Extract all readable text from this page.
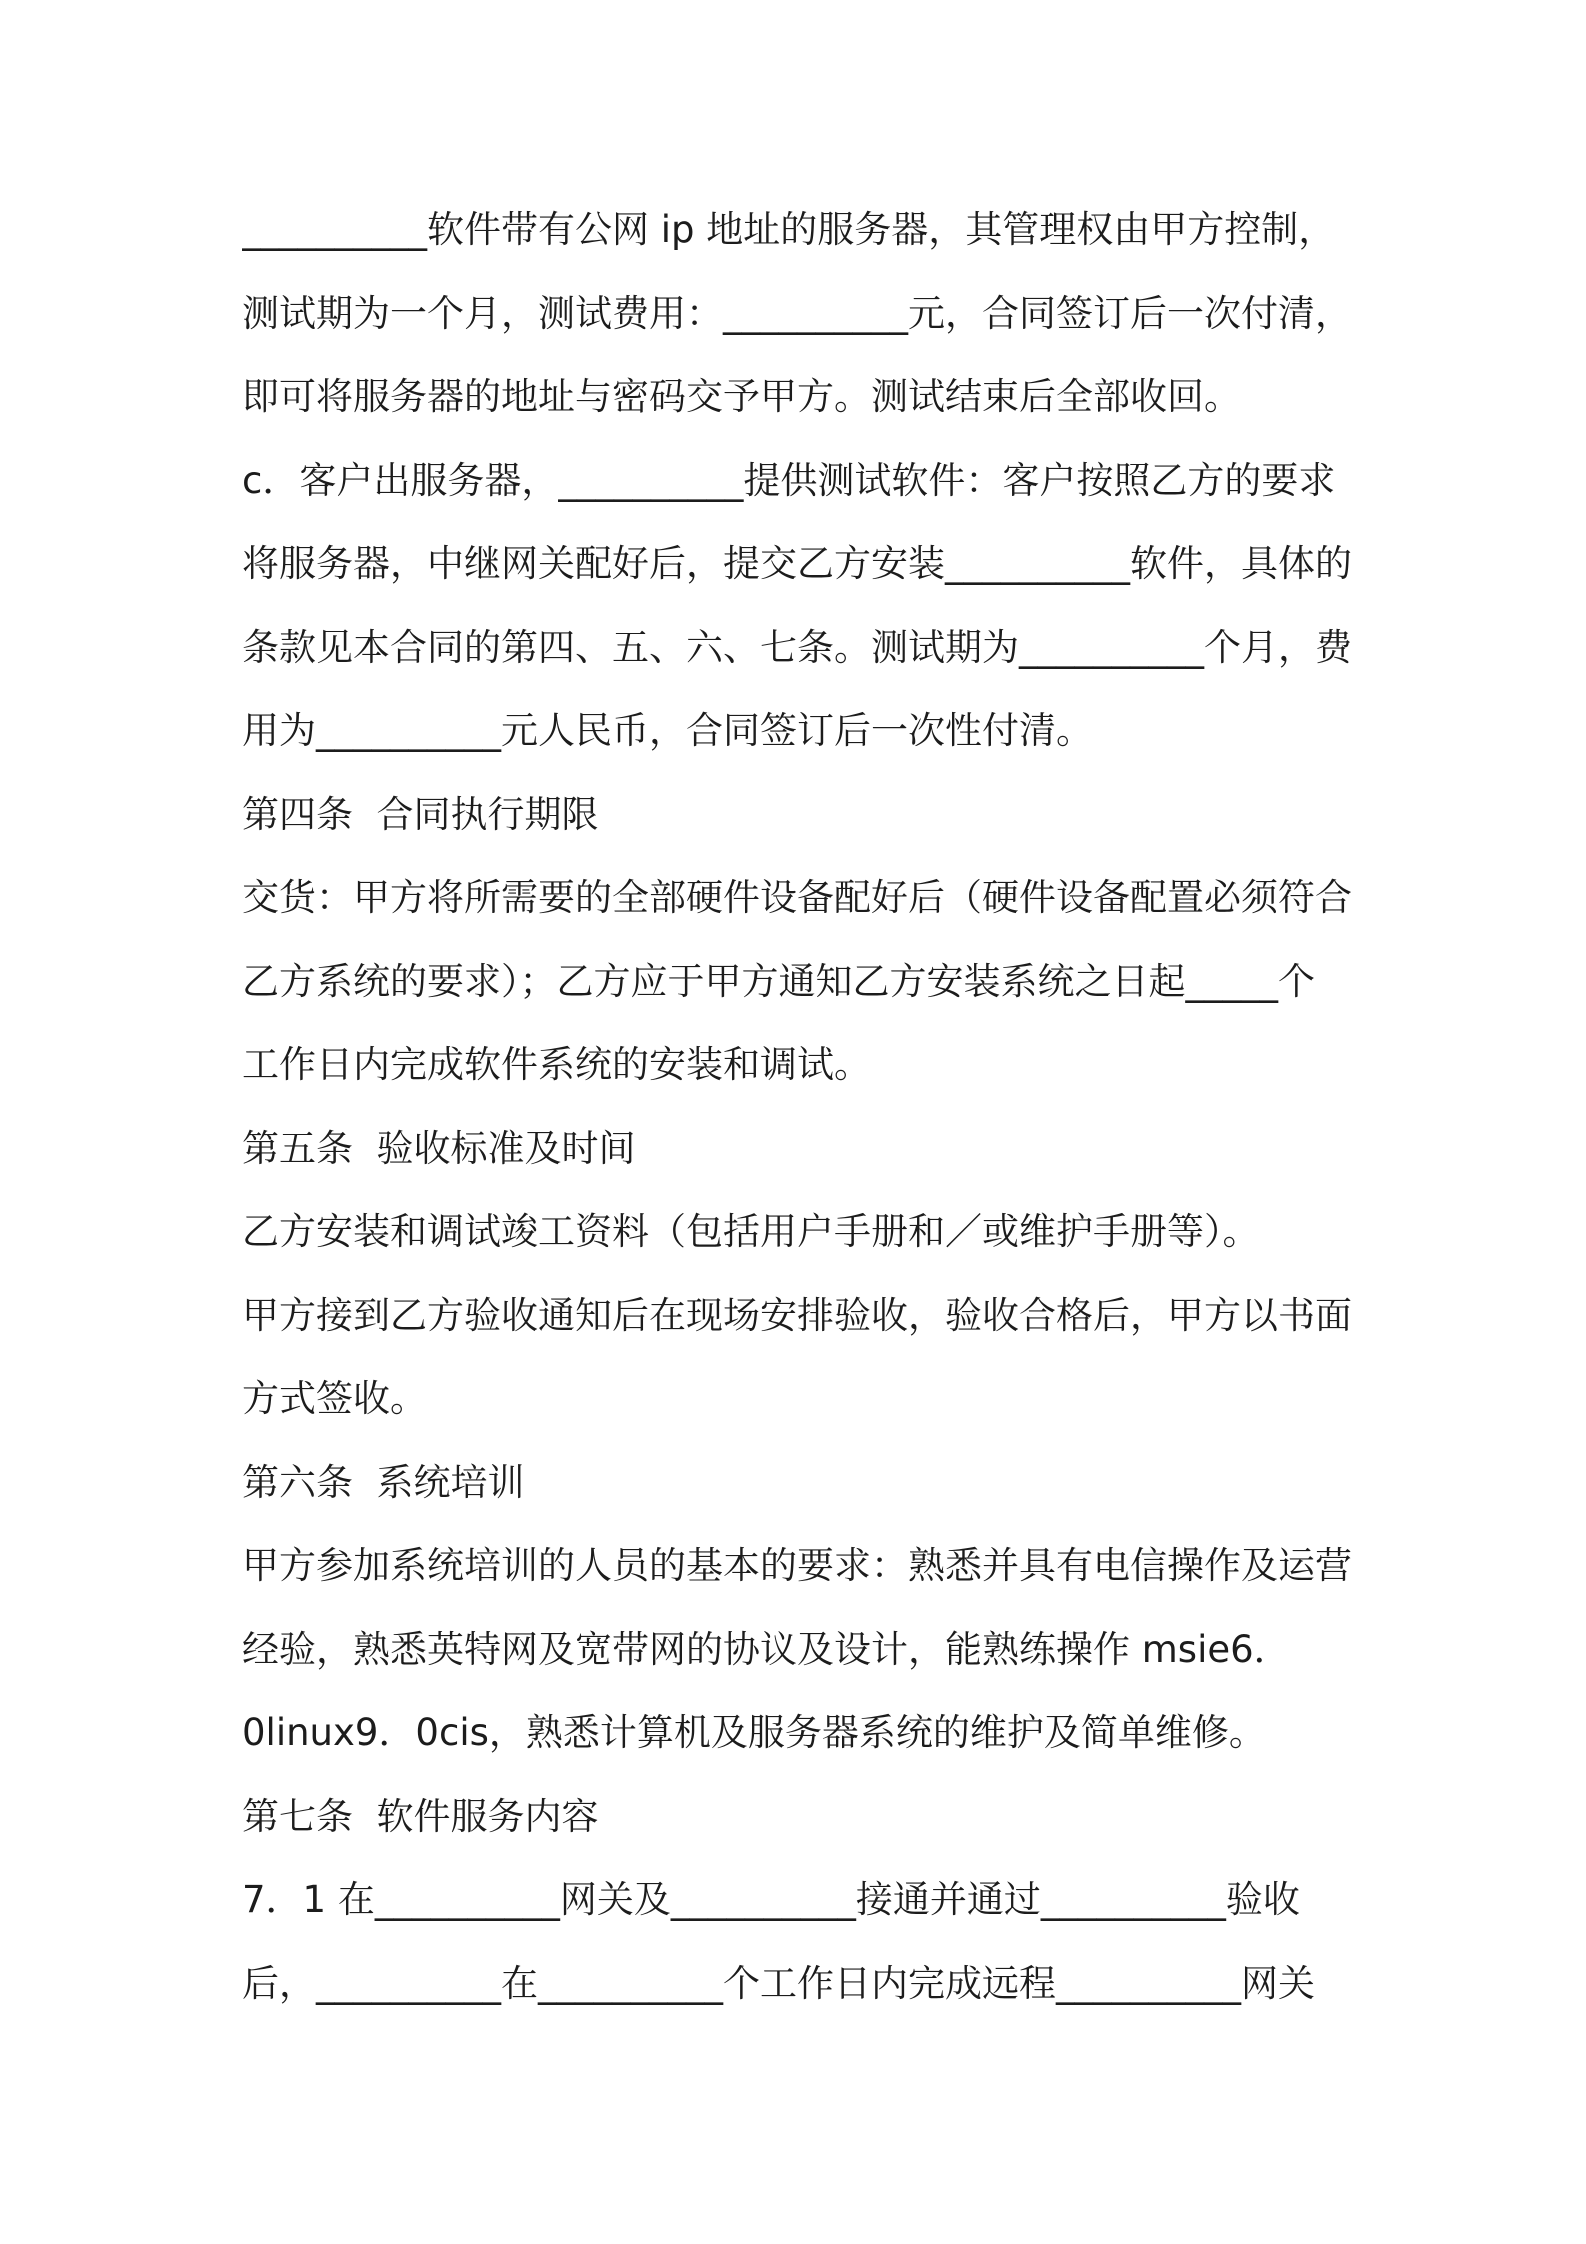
__________软件带有公网 ip 地址的服务器，其管理权由甲方控制，
测试期为一个月，测试费用：__________元，合同签订后一次付清，
即可将服务器的地址与密码交予甲方。测试结束后全部收回。
c．客户出服务器，__________提供测试软件：客户按照乙方的要求
将服务器，中继网关配好后，提交乙方安装__________软件，具体的
条款见本合同的第四、五、六、七条。测试期为__________个月，费
用为__________元人民币，合同签订后一次性付清。
第四条  合同执行期限
交货：甲方将所需要的全部硬件设备配好后（硬件设备配置必须符合
乙方系统的要求）；乙方应于甲方通知乙方安装系统之日起_____个
工作日内完成软件系统的安装和调试。
第五条  验收标准及时间
乙方安装和调试竣工资料（包括用户手册和／或维护手册等）。
甲方接到乙方验收通知后在现场安排验收，验收合格后，甲方以书面
方式签收。
第六条  系统培训
甲方参加系统培训的人员的基本的要求：熟悉并具有电信操作及运营
经验，熟悉英特网及宽带网的协议及设计，能熟练操作 msie6．
0linux9．0cis，熟悉计算机及服务器系统的维护及简单维修。
第七条  软件服务内容
7．1 在__________网关及__________接通并通过__________验收
后，__________在__________个工作日内完成远程__________网关
